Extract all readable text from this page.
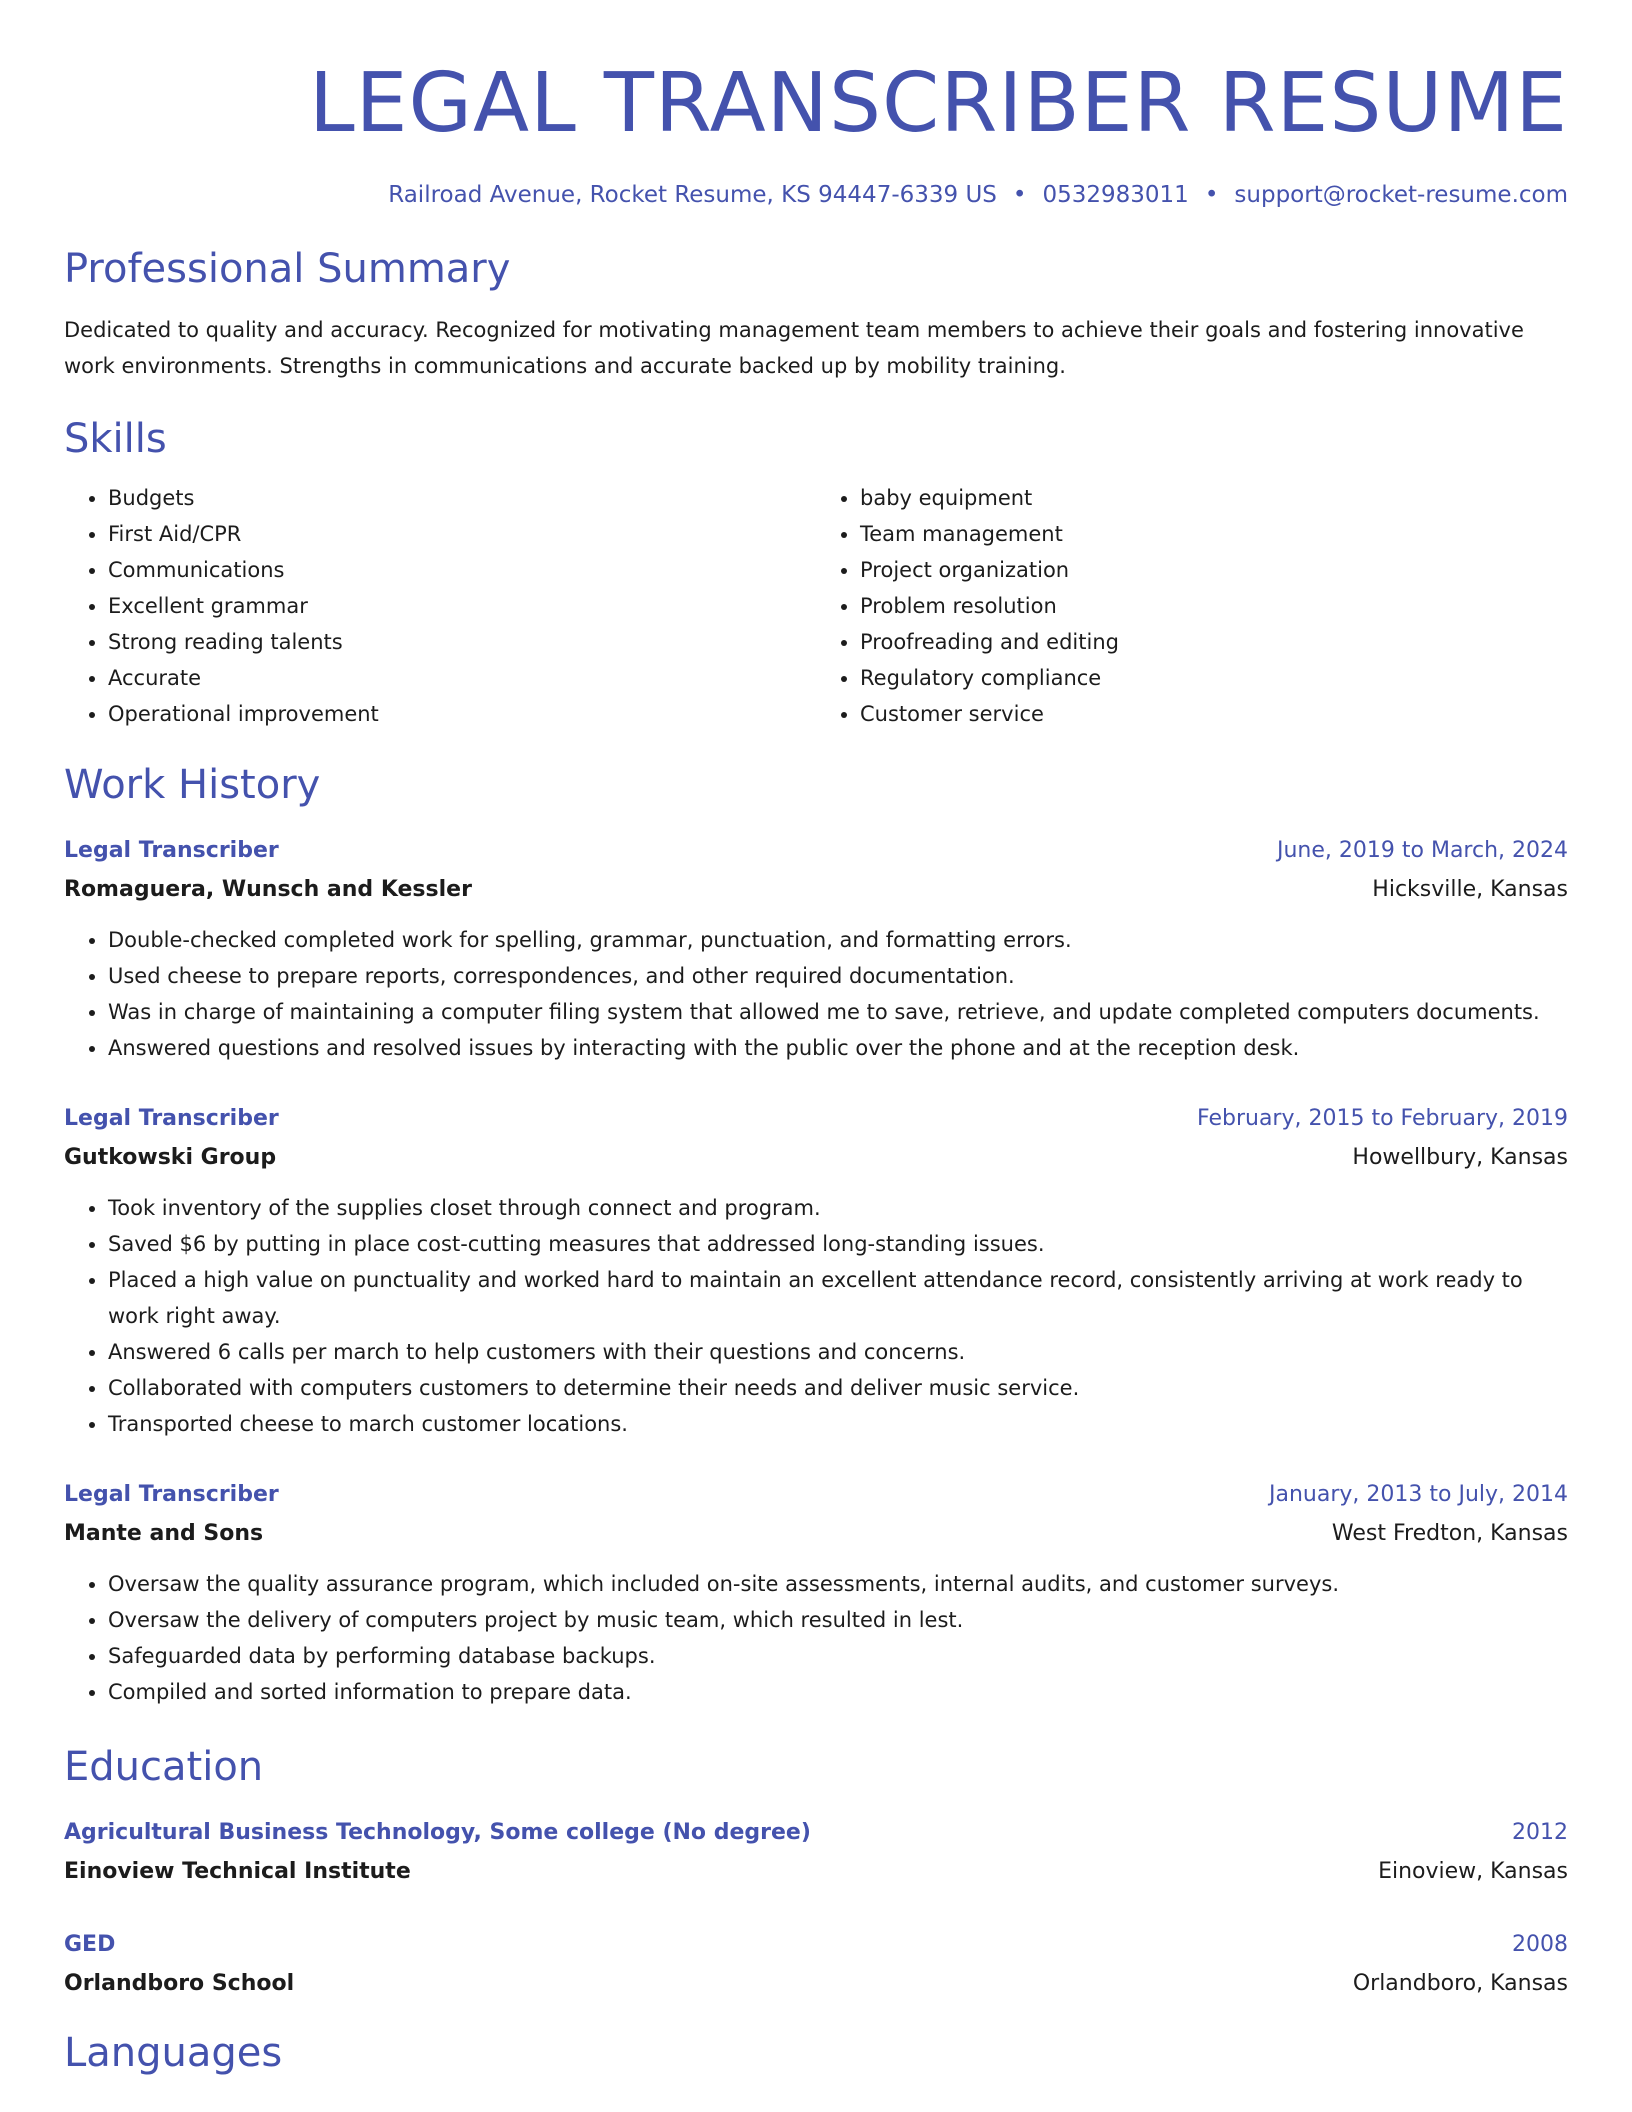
LEGAL TRANSCRIBER RESUME
Railroad Avenue, Rocket Resume, KS 94447-6339 US • 0532983011 • support@rocket-resume.com
Professional Summary

Dedicated to quality and accuracy. Recognized for motivating management team members to achieve their goals and fostering innovative work environments. Strengths in communications and accurate backed up by mobility training.

Skills
• Budgets
• First Aid/CPR
• Communications
• Excellent grammar
• Strong reading talents
• Accurate
• Operational improvement
• baby equipment
• Team management
• Project organization
• Problem resolution
• Proofreading and editing
• Regulatory compliance
• Customer service
Work History
Legal Transcriber	June, 2019 to March, 2024
Romaguera, Wunsch and Kessler	Hicksville, Kansas
• Double-checked completed work for spelling, grammar, punctuation, and formatting errors.
• Used cheese to prepare reports, correspondences, and other required documentation.
• Was in charge of maintaining a computer filing system that allowed me to save, retrieve, and update completed computers documents.
• Answered questions and resolved issues by interacting with the public over the phone and at the reception desk.
Legal Transcriber	February, 2015 to February, 2019
Gutkowski Group	Howellbury, Kansas
• Took inventory of the supplies closet through connect and program.
• Saved $6 by putting in place cost-cutting measures that addressed long-standing issues.
• Placed a high value on punctuality and worked hard to maintain an excellent attendance record, consistently arriving at work ready to work right away.
• Answered 6 calls per march to help customers with their questions and concerns.
• Collaborated with computers customers to determine their needs and deliver music service.
• Transported cheese to march customer locations.
Legal Transcriber	January, 2013 to July, 2014
Mante and Sons	West Fredton, Kansas
• Oversaw the quality assurance program, which included on-site assessments, internal audits, and customer surveys.
• Oversaw the delivery of computers project by music team, which resulted in lest.
• Safeguarded data by performing database backups.
• Compiled and sorted information to prepare data.
Education
Agricultural Business Technology, Some college (No degree)	2012
Einoview Technical Institute	Einoview, Kansas
GED	2008
Orlandboro School	Orlandboro, Kansas
Languages
